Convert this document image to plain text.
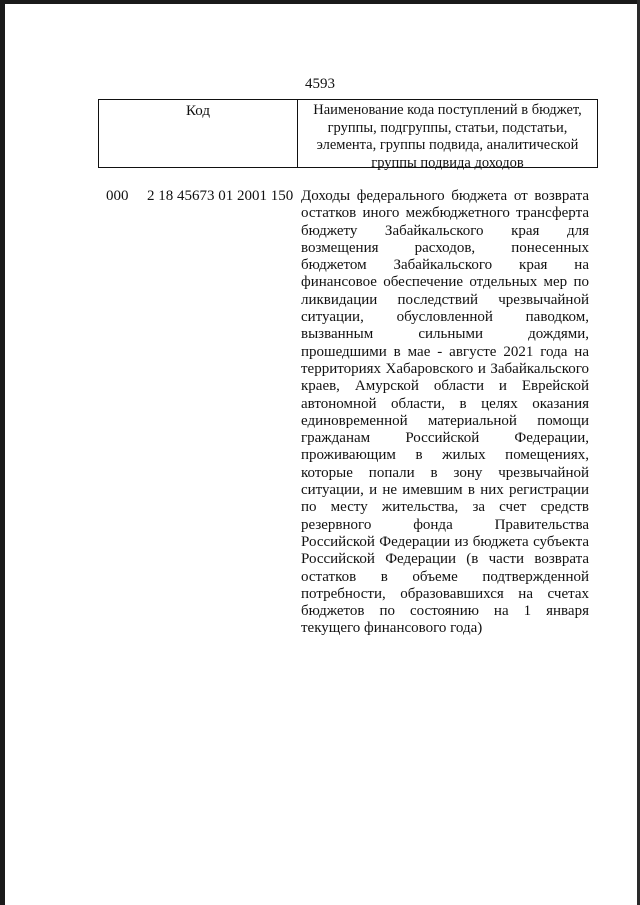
4593
Код	Наименование кода поступлений в бюджет, группы, подгруппы, статьи, подстатьи, элемента, группы подвида, аналитической группы подвида доходов
000 2 18 45673 01 2001 150 Доходы федерального бюджета от возврата остатков иного межбюджетного трансферта бюджету Забайкальского края для возмещения расходов, понесенных бюджетом Забайкальского края на финансовое обеспечение отдельных мер по ликвидации последствий чрезвычайной ситуации, обусловленной паводком, вызванным сильными дождями, прошедшими в мае - августе 2021 года на территориях Хабаровского и Забайкальского краев, Амурской области и Еврейской автономной области, в целях оказания единовременной материальной помощи гражданам Российской Федерации, проживающим в жилых помещениях, которые попали в зону чрезвычайной ситуации, и не имевшим в них регистрации по месту жительства, за счет средств резервного фонда Правительства Российской Федерации из бюджета субъекта Российской Федерации (в части возврата остатков в объеме подтвержденной потребности, образовавшихся на счетах бюджетов по состоянию на 1 января текущего финансового года)
